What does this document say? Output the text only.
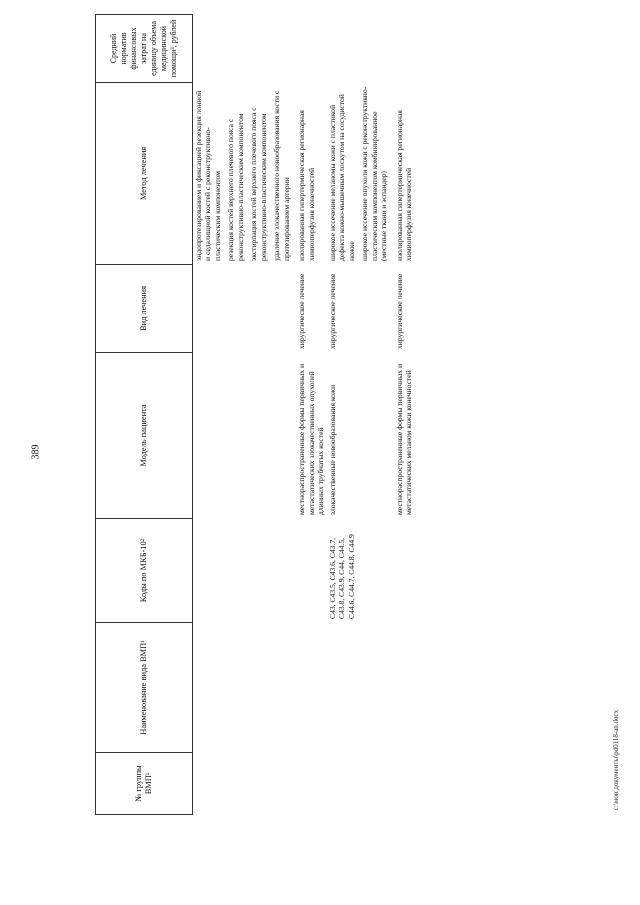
389
№ группы ВМП¹	Наименование вида ВМП¹	Коды по МКБ-10²	Модель пациента	Вид лечения	Метод лечения	Средний норматив финансовых затрат на единицу объема медицинской помощи³, рублей

					эндопротезированием и фиксацией резекция лонной и седалищной костей с реконструктивно-пластическим компонентом резекция костей верхнего плечевого пояса с реконструктивно-пластическим компонентом экстирпация костей верхнего плечевого пояса с реконструктивно-пластическим компонентом удаление злокачественного новообразования кости с протезированием артерии	

			местнораспространенные формы первичных и метастатических злокачественных опухолей длинных трубчатых костей	хирургическое лечение	изолированная гипертермическая регионарная химиоперфузия конечностей	

		C43, C43.5, C43.6, C43.7, C43.8, C43.9, C44, C44.5, C44.6, C44.7, C44.8, C44.9	злокачественные новообразования кожи	хирургическое лечение	широкое иссечение меланомы кожи с пластикой дефекта кожно-мышечным лоскутом на сосудистой ножке широкое иссечение опухоли кожи с реконструктивно-пластическим компонентом комбинированное (местные ткани и эспандер)	

			местнораспространенные формы первичных и метастатических меланом кожи конечностей	хирургическое лечение	изолированная гипертермическая регионарная химиоперфузия конечностей	

c:\мои документы\рd0118-an.docx
